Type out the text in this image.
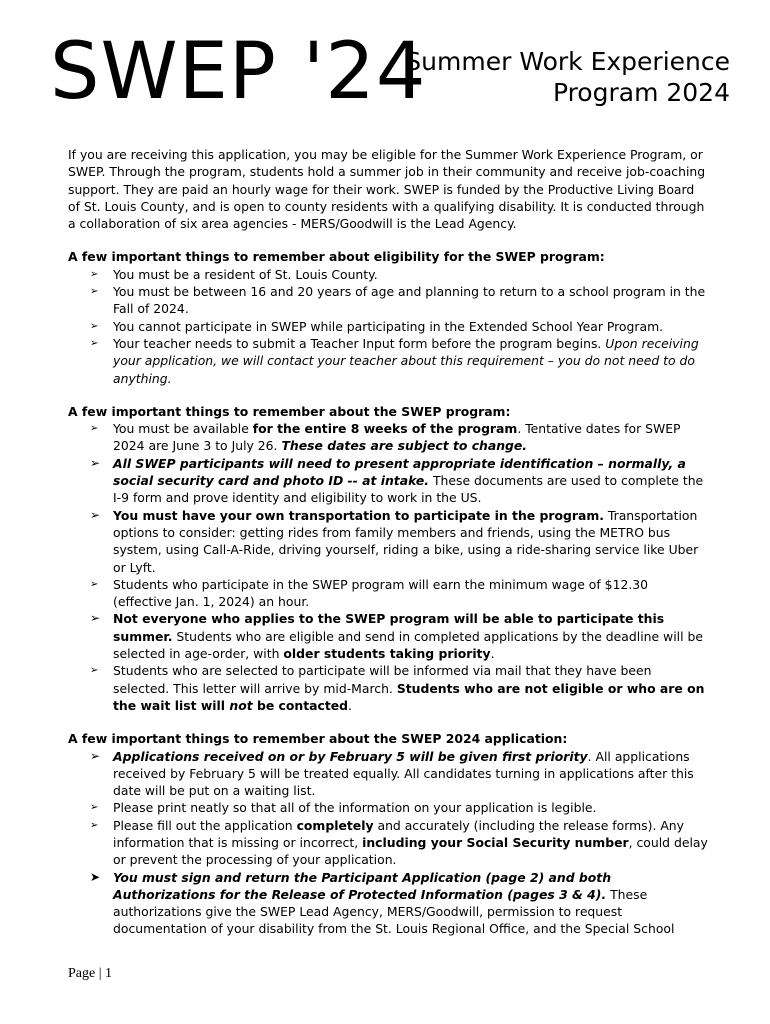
SWEP '24
Summer Work Experience
Program 2024

If you are receiving this application, you may be eligible for the Summer Work Experience Program, or SWEP. Through the program, students hold a summer job in their community and receive job-coaching support. They are paid an hourly wage for their work. SWEP is funded by the Productive Living Board of St. Louis County, and is open to county residents with a qualifying disability. It is conducted through a collaboration of six area agencies - MERS/Goodwill is the Lead Agency.

A few important things to remember about eligibility for the SWEP program:
➢ You must be a resident of St. Louis County.
➢ You must be between 16 and 20 years of age and planning to return to a school program in the Fall of 2024.
➢ You cannot participate in SWEP while participating in the Extended School Year Program.
➢ Your teacher needs to submit a Teacher Input form before the program begins. Upon receiving your application, we will contact your teacher about this requirement – you do not need to do anything.
A few important things to remember about the SWEP program:
➢ You must be available for the entire 8 weeks of the program. Tentative dates for SWEP 2024 are June 3 to July 26. These dates are subject to change.
➢ All SWEP participants will need to present appropriate identification – normally, a social security card and photo ID -- at intake. These documents are used to complete the I-9 form and prove identity and eligibility to work in the US.
➢ You must have your own transportation to participate in the program. Transportation options to consider: getting rides from family members and friends, using the METRO bus system, using Call-A-Ride, driving yourself, riding a bike, using a ride-sharing service like Uber or Lyft.
➢ Students who participate in the SWEP program will earn the minimum wage of $12.30 (effective Jan. 1, 2024) an hour.
➢ Not everyone who applies to the SWEP program will be able to participate this summer. Students who are eligible and send in completed applications by the deadline will be selected in age-order, with older students taking priority.
➢ Students who are selected to participate will be informed via mail that they have been selected. This letter will arrive by mid-March. Students who are not eligible or who are on the wait list will not be contacted.
A few important things to remember about the SWEP 2024 application:
➢ Applications received on or by February 5 will be given first priority. All applications received by February 5 will be treated equally. All candidates turning in applications after this date will be put on a waiting list.
➢ Please print neatly so that all of the information on your application is legible.
➢ Please fill out the application completely and accurately (including the release forms). Any information that is missing or incorrect, including your Social Security number, could delay or prevent the processing of your application.
➤ You must sign and return the Participant Application (page 2) and both Authorizations for the Release of Protected Information (pages 3 & 4). These authorizations give the SWEP Lead Agency, MERS/Goodwill, permission to request documentation of your disability from the St. Louis Regional Office, and the Special School
Page | 1
